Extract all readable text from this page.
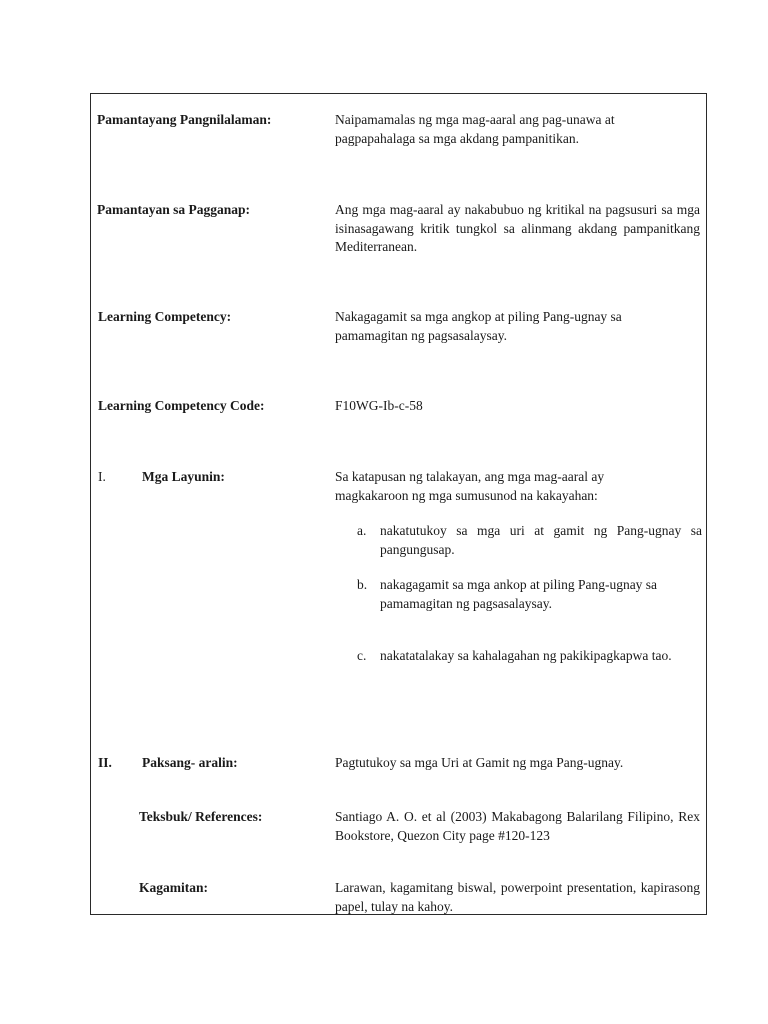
Pamantayang Pangnilalaman:	Naipamamalas ng mga mag-aaral ang pag-unawa at pagpapahalaga sa mga akdang pampanitikan.
Pamantayan sa Pagganap:	Ang mga mag-aaral ay nakabubuo ng kritikal na pagsusuri sa mga isinasagawang kritik tungkol sa alinmang akdang pampanitkang Mediterranean.
Learning Competency:	Nakagagamit sa mga angkop at piling Pang-ugnay sa pamamagitan ng pagsasalaysay.
Learning Competency Code:	F10WG-Ib-c-58
I.	Mga Layunin:	Sa katapusan ng talakayan, ang mga mag-aaral ay magkakaroon ng mga sumusunod na kakayahan:
a. nakatutukoy sa mga uri at gamit ng Pang-ugnay sa pangungusap.
b. nakagagamit sa mga ankop at piling Pang-ugnay sa pamamagitan ng pagsasalaysay.
c. nakatatalakay sa kahalagahan ng pakikipagkapwa tao.
II. Paksang- aralin:	Pagtutukoy sa mga Uri at Gamit ng mga Pang-ugnay.
Teksbuk/ References:	Santiago A. O. et al (2003) Makabagong Balarilang Filipino, Rex Bookstore, Quezon City page #120-123
Kagamitan:	Larawan, kagamitang biswal, powerpoint presentation, kapirasong papel, tulay na kahoy.
